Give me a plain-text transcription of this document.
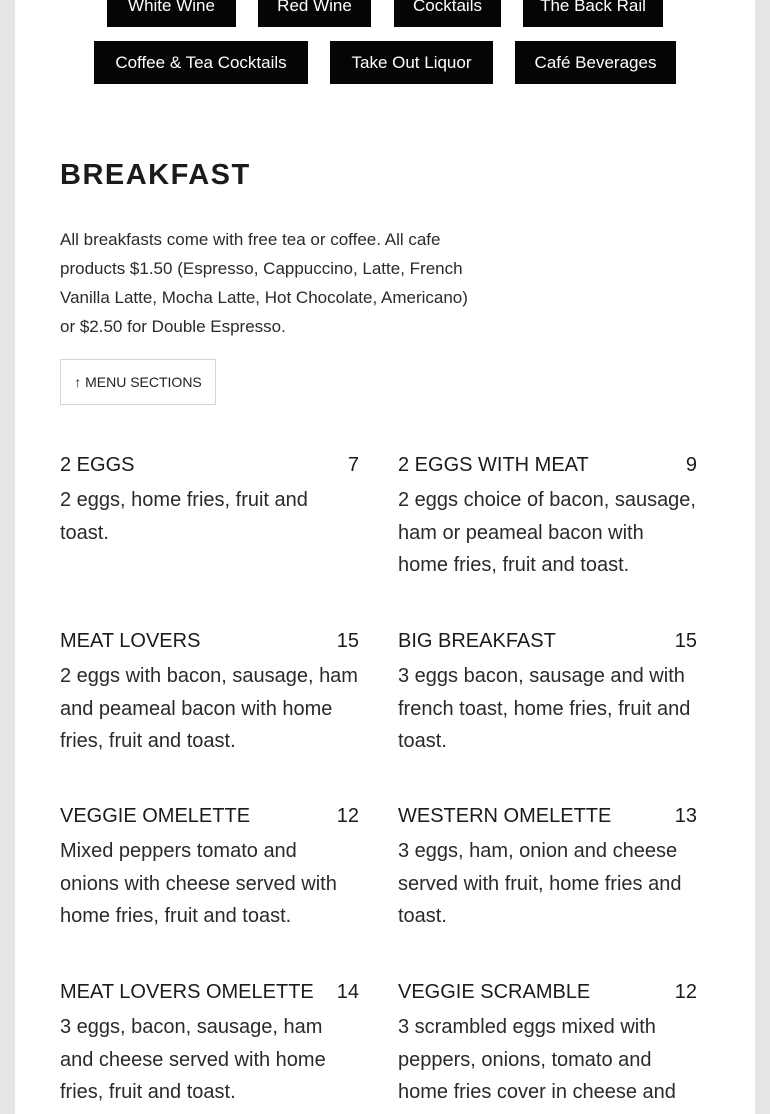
White Wine	Red Wine	Cocktails	The Back Rail
Coffee & Tea Cocktails	Take Out Liquor	Café Beverages
BREAKFAST

All breakfasts come with free tea or coffee. All cafe products $1.50 (Espresso, Cappuccino, Latte, French Vanilla Latte, Mocha Latte, Hot Chocolate, Americano) or $2.50 for Double Espresso.

↑ MENU SECTIONS
2 EGGS	7

2 eggs, home fries, fruit and toast.

2 EGGS WITH MEAT	9

2 eggs choice of bacon, sausage, ham or peameal bacon with home fries, fruit and toast.

MEAT LOVERS	15

2 eggs with bacon, sausage, ham and peameal bacon with home fries, fruit and toast.

BIG BREAKFAST	15

3 eggs bacon, sausage and with french toast, home fries, fruit and toast.

VEGGIE OMELETTE	12

Mixed peppers tomato and onions with cheese served with home fries, fruit and toast.

WESTERN OMELETTE	13

3 eggs, ham, onion and cheese served with fruit, home fries and toast.

MEAT LOVERS OMELETTE 14

3 eggs, bacon, sausage, ham and cheese served with home fries, fruit and toast.

VEGGIE SCRAMBLE	12

3 scrambled eggs mixed with peppers, onions, tomato and home fries cover in cheese and
